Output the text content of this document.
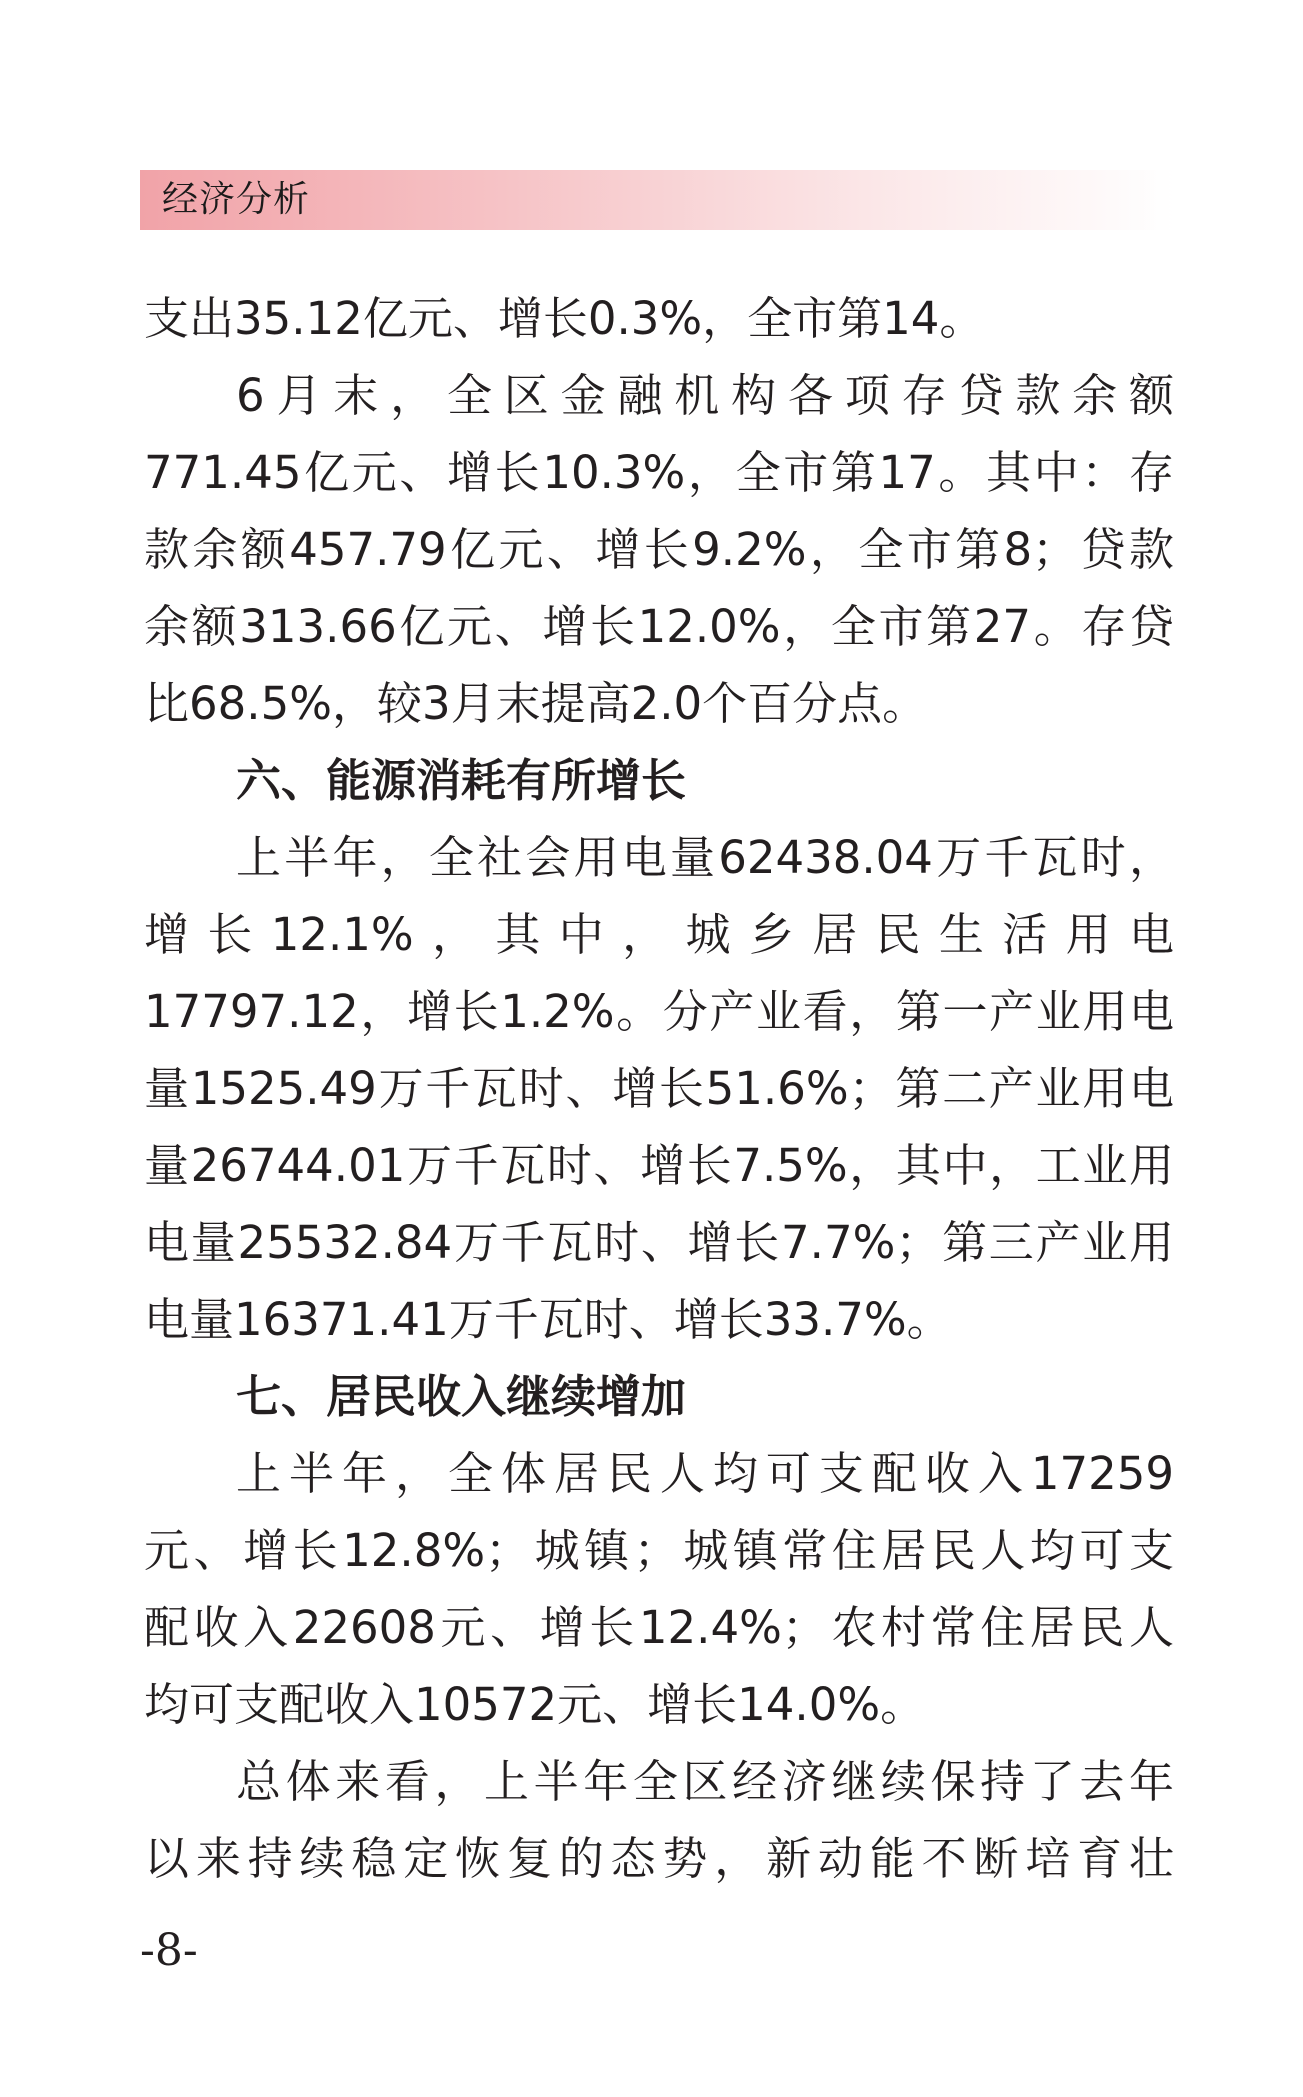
经济分析
支出35.12亿元、增长0.3%，全市第14。
6月末，全区金融机构各项存贷款余额
771.45亿元、增长10.3%，全市第17。其中：存
款余额457.79亿元、增长9.2%，全市第8；贷款
余额313.66亿元、增长12.0%，全市第27。存贷
比68.5%，较3月末提高2.0个百分点。
六、能源消耗有所增长
上半年，全社会用电量62438.04万千瓦时，
增长12.1%，其中，城乡居民生活用电
17797.12，增长1.2%。分产业看，第一产业用电
量1525.49万千瓦时、增长51.6%；第二产业用电
量26744.01万千瓦时、增长7.5%，其中，工业用
电量25532.84万千瓦时、增长7.7%；第三产业用
电量16371.41万千瓦时、增长33.7%。
七、居民收入继续增加
上半年，全体居民人均可支配收入17259
元、增长12.8%；城镇；城镇常住居民人均可支
配收入22608元、增长12.4%；农村常住居民人
均可支配收入10572元、增长14.0%。
总体来看，上半年全区经济继续保持了去年
以来持续稳定恢复的态势，新动能不断培育壮
-8-
